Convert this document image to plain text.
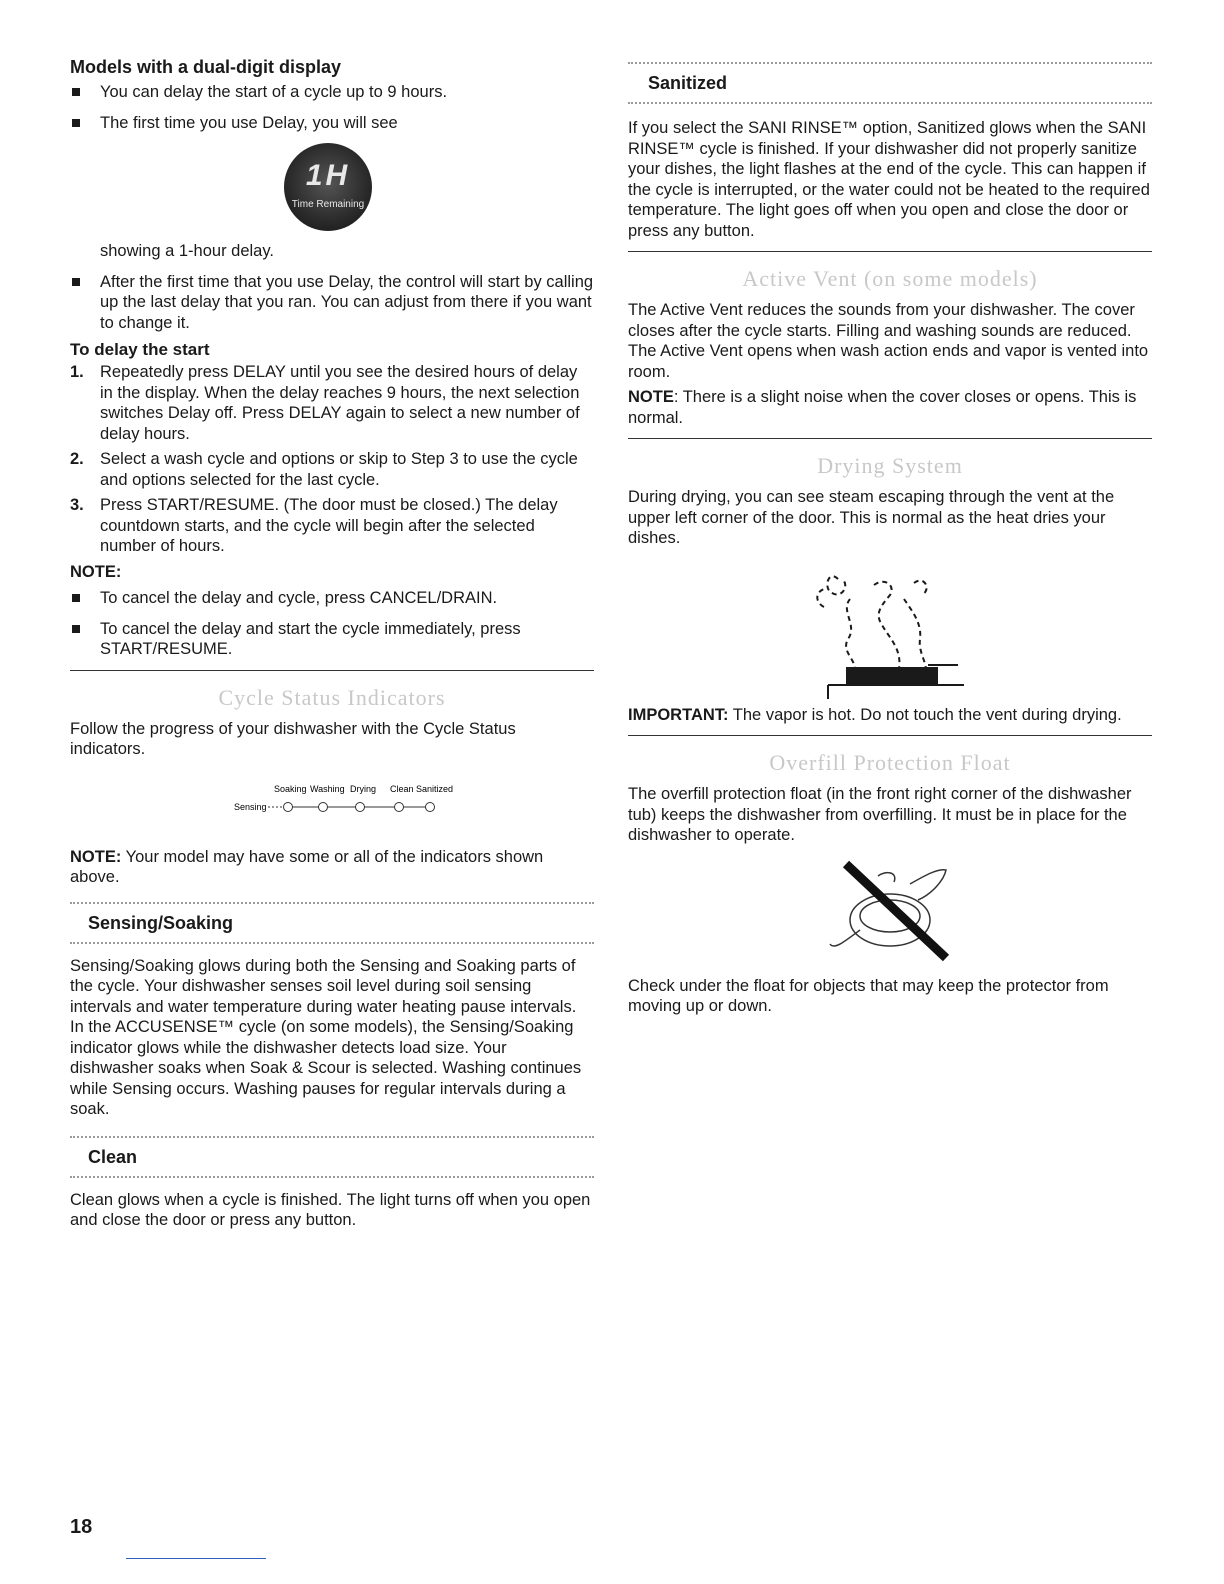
Models with a dual-digit display
You can delay the start of a cycle up to 9 hours.
The first time you use Delay, you will see
1H
Time Remaining

showing a 1-hour delay.

After the first time that you use Delay, the control will start by calling up the last delay that you ran. You can adjust from there if you want to change it.
To delay the start
1. Repeatedly press DELAY until you see the desired hours of delay in the display. When the delay reaches 9 hours, the next selection switches Delay off. Press DELAY again to select a new number of delay hours.
2. Select a wash cycle and options or skip to Step 3 to use the cycle and options selected for the last cycle.
3. Press START/RESUME. (The door must be closed.) The delay countdown starts, and the cycle will begin after the selected number of hours.
NOTE:
To cancel the delay and cycle, press CANCEL/DRAIN.
To cancel the delay and start the cycle immediately, press START/RESUME.
Cycle Status Indicators

Follow the progress of your dishwasher with the Cycle Status indicators.

Soaking Washing Drying Clean Sanitized
Sensing

NOTE: Your model may have some or all of the indicators shown above.

Sensing/Soaking

Sensing/Soaking glows during both the Sensing and Soaking parts of the cycle. Your dishwasher senses soil level during soil sensing intervals and water temperature during water heating pause intervals. In the ACCUSENSE™ cycle (on some models), the Sensing/Soaking indicator glows while the dishwasher detects load size. Your dishwasher soaks when Soak & Scour is selected. Washing continues while Sensing occurs. Washing pauses for regular intervals during a soak.

Clean

Clean glows when a cycle is finished. The light turns off when you open and close the door or press any button.

Sanitized

If you select the SANI RINSE™ option, Sanitized glows when the SANI RINSE™ cycle is finished. If your dishwasher did not properly sanitize your dishes, the light flashes at the end of the cycle. This can happen if the cycle is interrupted, or the water could not be heated to the required temperature. The light goes off when you open and close the door or press any button.

Active Vent (on some models)

The Active Vent reduces the sounds from your dishwasher. The cover closes after the cycle starts. Filling and washing sounds are reduced. The Active Vent opens when wash action ends and vapor is vented into room.

NOTE: There is a slight noise when the cover closes or opens. This is normal.

Drying System

During drying, you can see steam escaping through the vent at the upper left corner of the door. This is normal as the heat dries your dishes.

IMPORTANT: The vapor is hot. Do not touch the vent during drying.

Overfill Protection Float

The overfill protection float (in the front right corner of the dishwasher tub) keeps the dishwasher from overfilling. It must be in place for the dishwasher to operate.

Check under the float for objects that may keep the protector from moving up or down.

18
